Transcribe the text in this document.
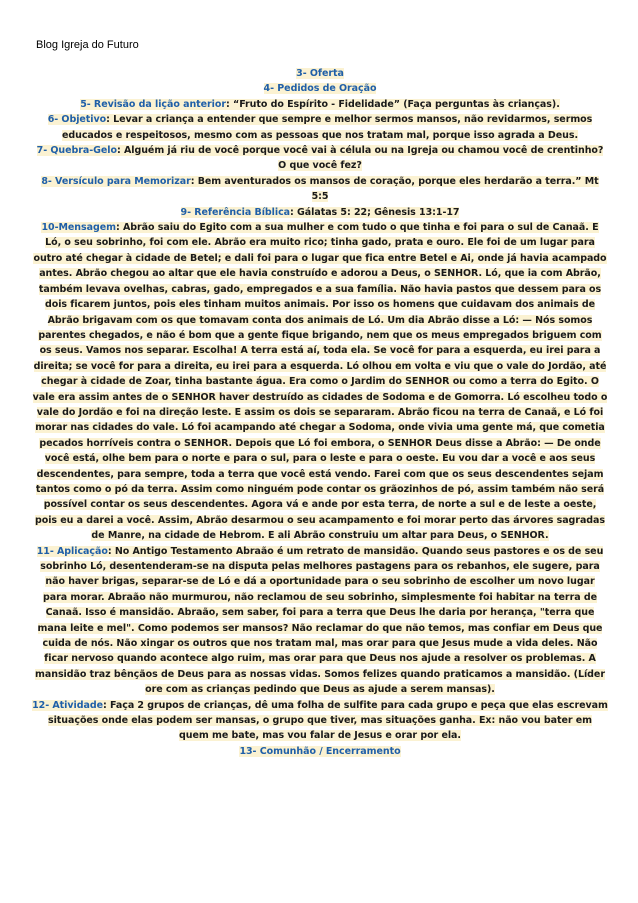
Blog Igreja do Futuro

3- Oferta

4- Pedidos de Oração

5- Revisão da lição anterior: “Fruto do Espírito - Fidelidade” (Faça perguntas às crianças).

6- Objetivo: Levar a criança a entender que sempre e melhor sermos mansos, não revidarmos, sermos educados e respeitosos, mesmo com as pessoas que nos tratam mal, porque isso agrada a Deus.

7- Quebra-Gelo: Alguém já riu de você porque você vai à célula ou na Igreja ou chamou você de crentinho? O que você fez?

8- Versículo para Memorizar: Bem aventurados os mansos de coração, porque eles herdarão a terra.” Mt 5:5

9- Referência Bíblica: Gálatas 5: 22; Gênesis 13:1-17

10-Mensagem: Abrão saiu do Egito com a sua mulher e com tudo o que tinha e foi para o sul de Canaã. E Ló, o seu sobrinho, foi com ele. Abrão era muito rico; tinha gado, prata e ouro. Ele foi de um lugar para outro até chegar à cidade de Betel; e dali foi para o lugar que fica entre Betel e Ai, onde já havia acampado antes. Abrão chegou ao altar que ele havia construído e adorou a Deus, o SENHOR. Ló, que ia com Abrão, também levava ovelhas, cabras, gado, empregados e a sua família. Não havia pastos que dessem para os dois ficarem juntos, pois eles tinham muitos animais. Por isso os homens que cuidavam dos animais de Abrão brigavam com os que tomavam conta dos animais de Ló. Um dia Abrão disse a Ló: — Nós somos parentes chegados, e não é bom que a gente fique brigando, nem que os meus empregados briguem com os seus. Vamos nos separar. Escolha! A terra está aí, toda ela. Se você for para a esquerda, eu irei para a direita; se você for para a direita, eu irei para a esquerda. Ló olhou em volta e viu que o vale do Jordão, até chegar à cidade de Zoar, tinha bastante água. Era como o Jardim do SENHOR ou como a terra do Egito. O vale era assim antes de o SENHOR haver destruído as cidades de Sodoma e de Gomorra. Ló escolheu todo o vale do Jordão e foi na direção leste. E assim os dois se separaram. Abrão ficou na terra de Canaã, e Ló foi morar nas cidades do vale. Ló foi acampando até chegar a Sodoma, onde vivia uma gente má, que cometia pecados horríveis contra o SENHOR. Depois que Ló foi embora, o SENHOR Deus disse a Abrão: — De onde você está, olhe bem para o norte e para o sul, para o leste e para o oeste. Eu vou dar a você e aos seus descendentes, para sempre, toda a terra que você está vendo. Farei com que os seus descendentes sejam tantos como o pó da terra. Assim como ninguém pode contar os grãozinhos de pó, assim também não será possível contar os seus descendentes. Agora vá e ande por esta terra, de norte a sul e de leste a oeste, pois eu a darei a você. Assim, Abrão desarmou o seu acampamento e foi morar perto das árvores sagradas de Manre, na cidade de Hebrom. E ali Abrão construiu um altar para Deus, o SENHOR.

11- Aplicação: No Antigo Testamento Abraão é um retrato de mansidão. Quando seus pastores e os de seu sobrinho Ló, desentenderam-se na disputa pelas melhores pastagens para os rebanhos, ele sugere, para não haver brigas, separar-se de Ló e dá a oportunidade para o seu sobrinho de escolher um novo lugar para morar. Abraão não murmurou, não reclamou de seu sobrinho, simplesmente foi habitar na terra de Canaã. Isso é mansidão. Abraão, sem saber, foi para a terra que Deus lhe daria por herança, "terra que mana leite e mel". Como podemos ser mansos? Não reclamar do que não temos, mas confiar em Deus que cuida de nós. Não xingar os outros que nos tratam mal, mas orar para que Jesus mude a vida deles. Não ficar nervoso quando acontece algo ruim, mas orar para que Deus nos ajude a resolver os problemas. A mansidão traz bênçãos de Deus para as nossas vidas. Somos felizes quando praticamos a mansidão. (Líder ore com as crianças pedindo que Deus as ajude a serem mansas).

12- Atividade: Faça 2 grupos de crianças, dê uma folha de sulfite para cada grupo e peça que elas escrevam situações onde elas podem ser mansas, o grupo que tiver, mas situações ganha. Ex: não vou bater em quem me bate, mas vou falar de Jesus e orar por ela.

13- Comunhão / Encerramento
